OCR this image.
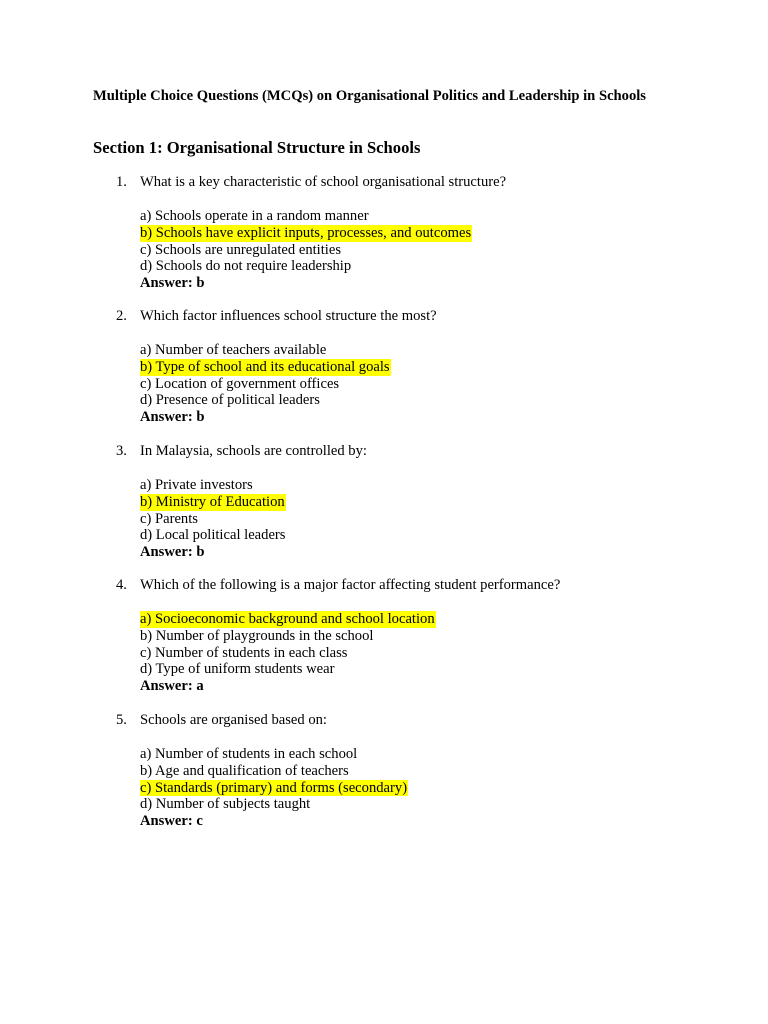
Multiple Choice Questions (MCQs) on Organisational Politics and Leadership in Schools
Section 1: Organisational Structure in Schools
1. What is a key characteristic of school organisational structure?
a) Schools operate in a random manner
b) Schools have explicit inputs, processes, and outcomes
c) Schools are unregulated entities
d) Schools do not require leadership
Answer: b
2. Which factor influences school structure the most?
a) Number of teachers available
b) Type of school and its educational goals
c) Location of government offices
d) Presence of political leaders
Answer: b
3. In Malaysia, schools are controlled by:
a) Private investors
b) Ministry of Education
c) Parents
d) Local political leaders
Answer: b
4. Which of the following is a major factor affecting student performance?
a) Socioeconomic background and school location
b) Number of playgrounds in the school
c) Number of students in each class
d) Type of uniform students wear
Answer: a
5. Schools are organised based on:
a) Number of students in each school
b) Age and qualification of teachers
c) Standards (primary) and forms (secondary)
d) Number of subjects taught
Answer: c
